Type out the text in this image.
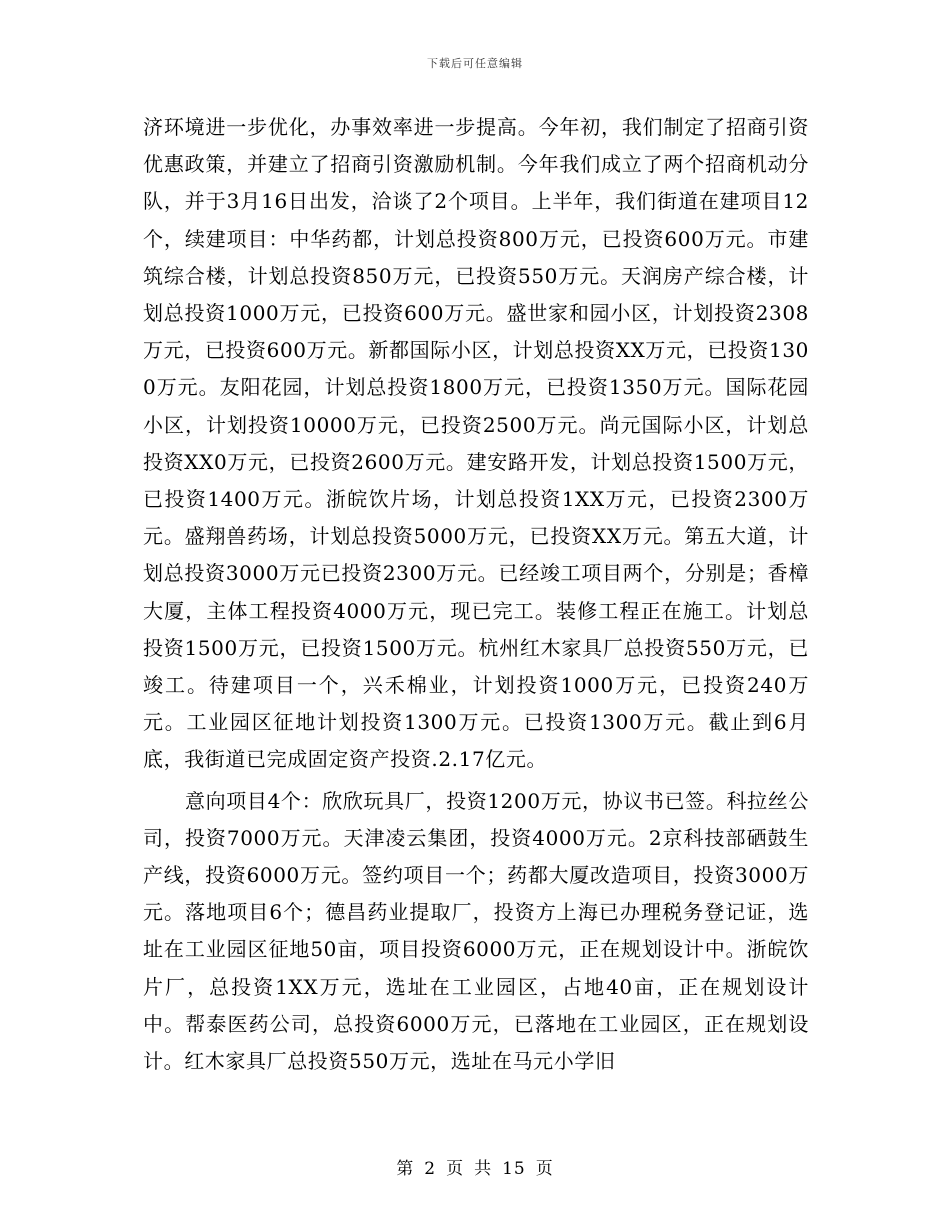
下载后可任意编辑

济环境进一步优化，办事效率进一步提高。今年初，我们制定了招商引资优惠政策，并建立了招商引资激励机制。今年我们成立了两个招商机动分队，并于3月16日出发，洽谈了2个项目。上半年，我们街道在建项目12个，续建项目：中华药都，计划总投资800万元，已投资600万元。市建筑综合楼，计划总投资850万元，已投资550万元。天润房产综合楼，计划总投资1000万元，已投资600万元。盛世家和园小区，计划投资2308万元，已投资600万元。新都国际小区，计划总投资XX万元，已投资1300万元。友阳花园，计划总投资1800万元，已投资1350万元。国际花园小区，计划投资10000万元，已投资2500万元。尚元国际小区，计划总投资XX0万元，已投资2600万元。建安路开发，计划总投资1500万元，已投资1400万元。浙皖饮片场，计划总投资1XX万元，已投资2300万元。盛翔兽药场，计划总投资5000万元，已投资XX万元。第五大道，计划总投资3000万元已投资2300万元。已经竣工项目两个，分别是；香樟大厦，主体工程投资4000万元，现已完工。装修工程正在施工。计划总投资1500万元，已投资1500万元。杭州红木家具厂总投资550万元，已竣工。待建项目一个，兴禾棉业，计划投资1000万元，已投资240万元。工业园区征地计划投资1300万元。已投资1300万元。截止到6月底，我街道已完成固定资产投资.2.17亿元。

意向项目4个：欣欣玩具厂，投资1200万元，协议书已签。科拉丝公司，投资7000万元。天津凌云集团，投资4000万元。2京科技部硒鼓生产线，投资6000万元。签约项目一个；药都大厦改造项目，投资3000万元。落地项目6个；德昌药业提取厂，投资方上海已办理税务登记证，选址在工业园区征地50亩，项目投资6000万元，正在规划设计中。浙皖饮片厂，总投资1XX万元，选址在工业园区，占地40亩，正在规划设计中。帮泰医药公司，总投资6000万元，已落地在工业园区，正在规划设计。红木家具厂总投资550万元，选址在马元小学旧

第 2 页 共 15 页
